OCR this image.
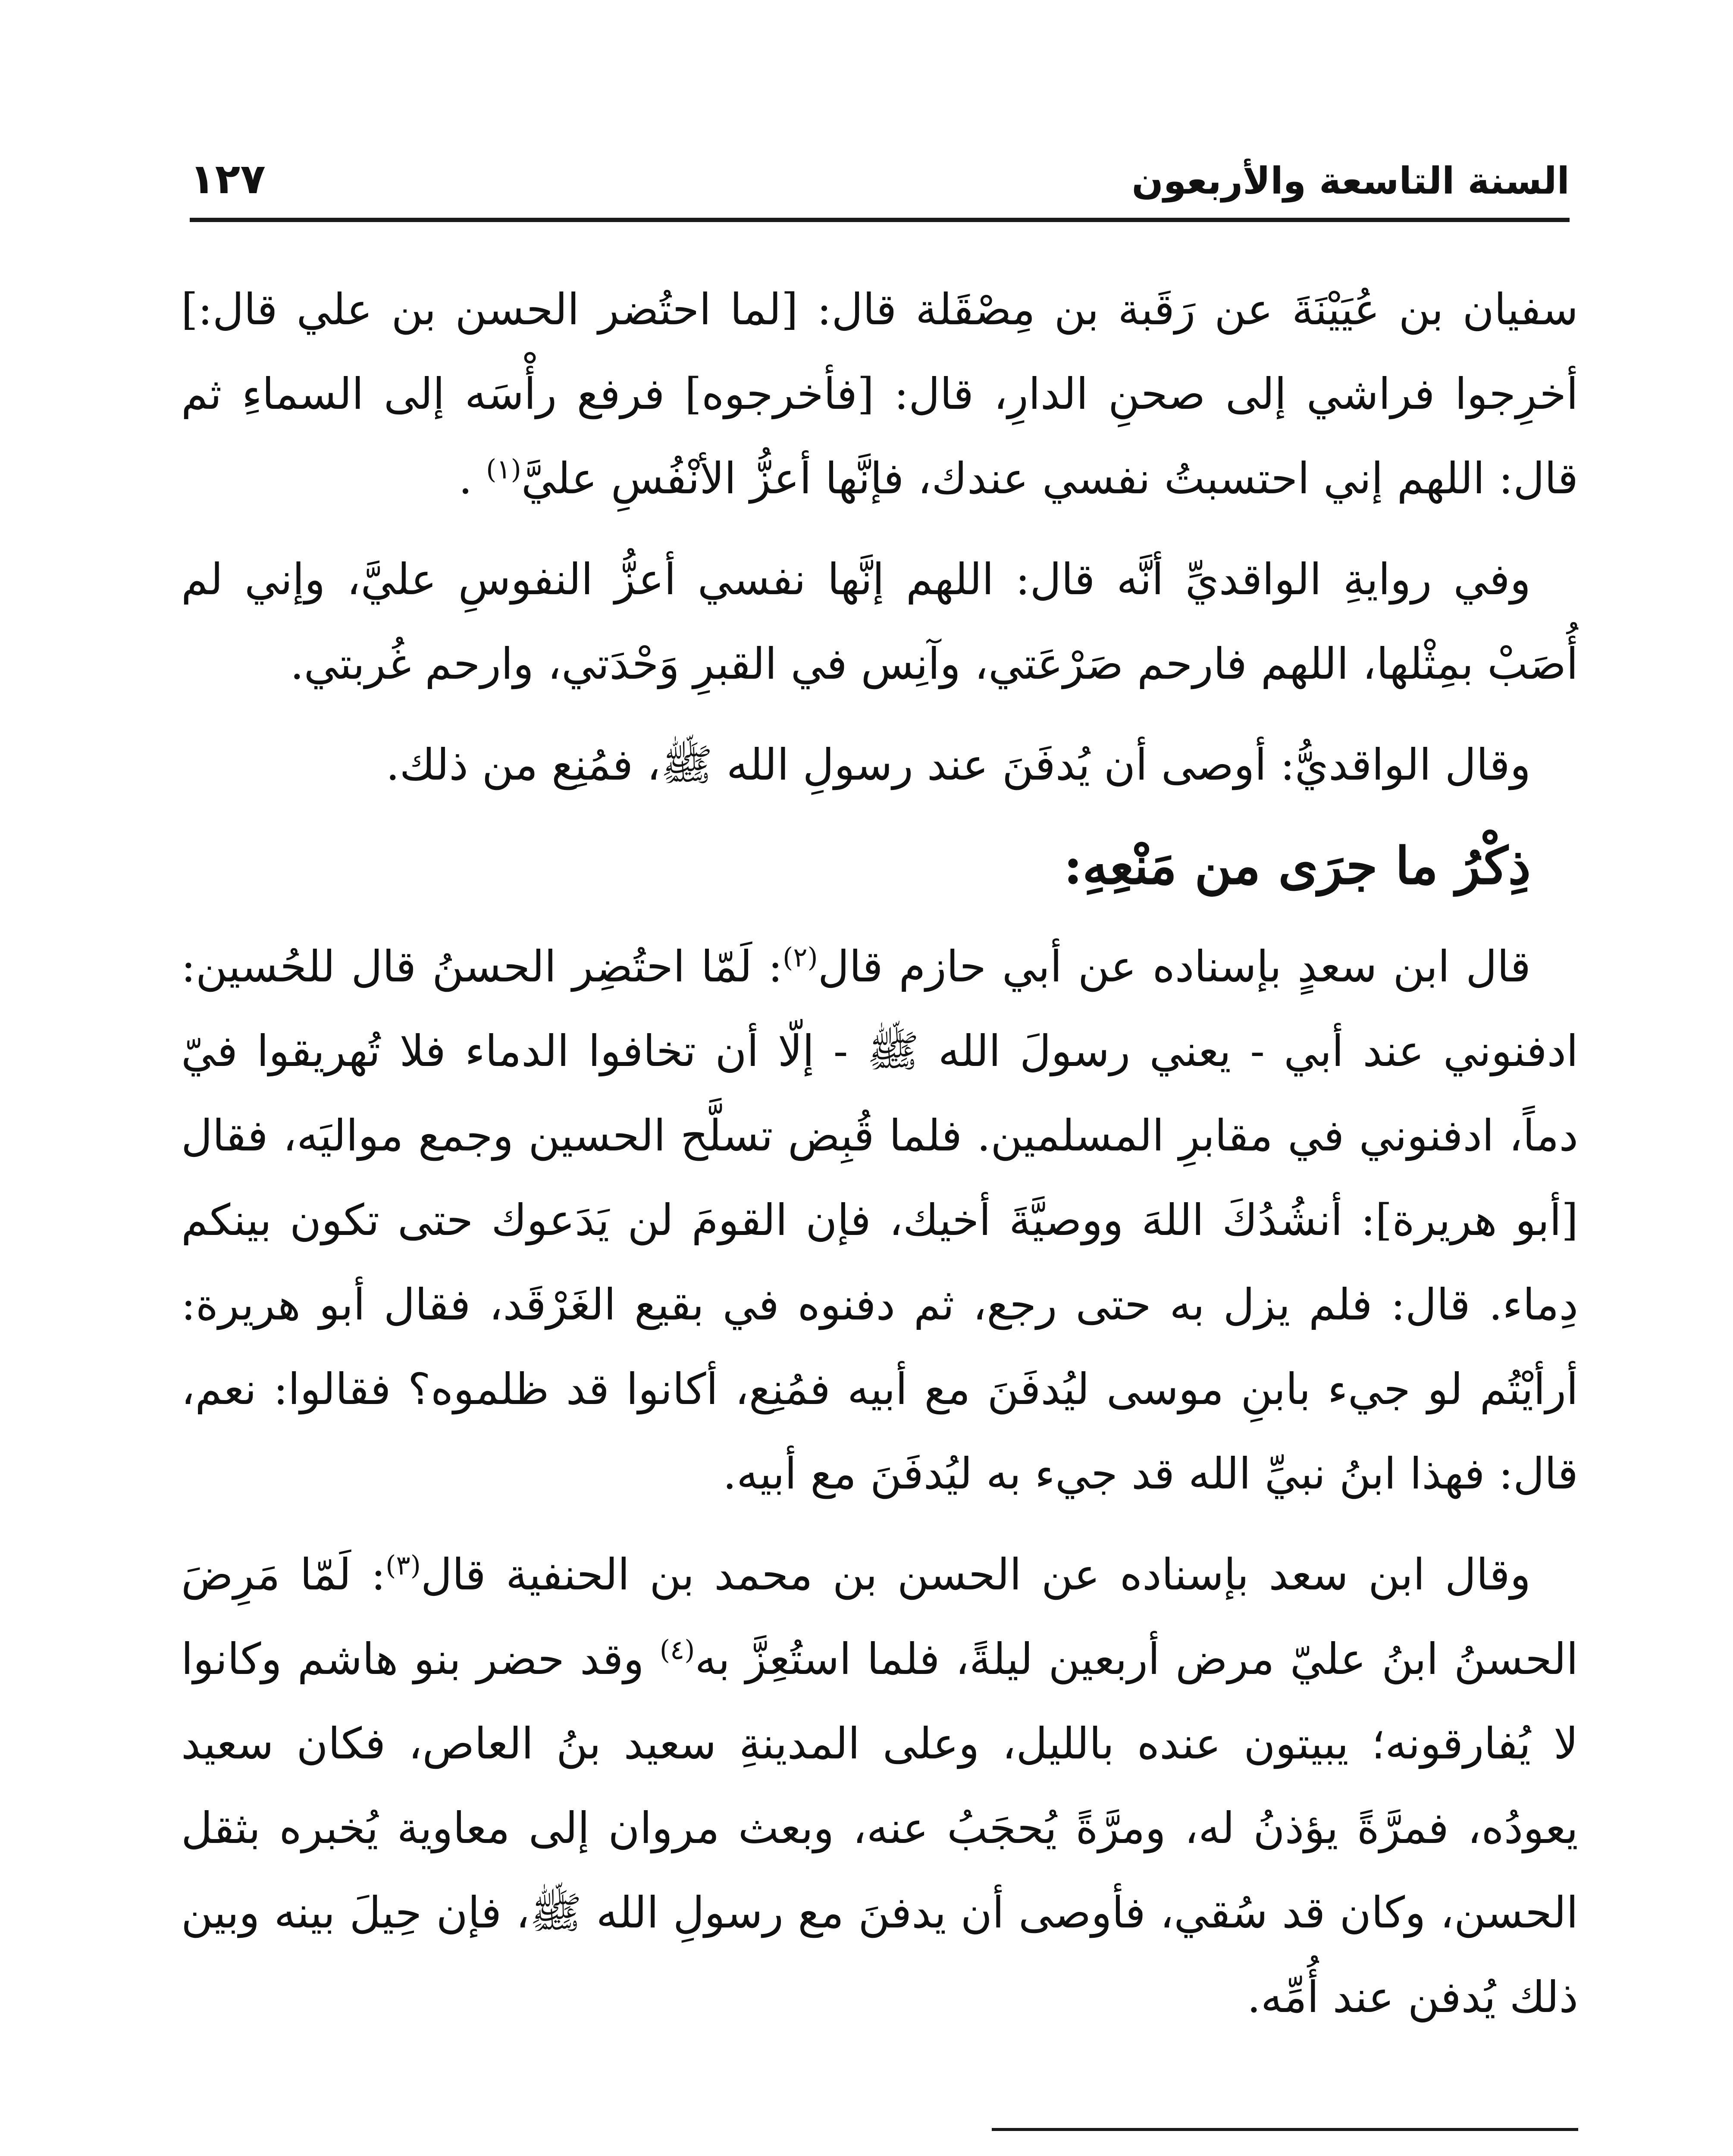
السنة التاسعة والأربعون
١٢٧

سفيان بن عُيَيْنَةَ عن رَقَبة بن مِصْقَلة قال: [لما احتُضر الحسن بن علي قال:] أخرِجوا فراشي إلى صحنِ الدارِ، قال: [فأخرجوه] فرفع رأْسَه إلى السماءِ ثم قال: اللهم إني احتسبتُ نفسي عندك، فإنَّها أعزُّ الأنْفُسِ عليَّ$^{(١)}$ .

وفي روايةِ الواقديِّ أنَّه قال: اللهم إنَّها نفسي أعزُّ النفوسِ عليَّ، وإني لم أُصَبْ بمِثْلها، اللهم فارحم صَرْعَتي، وآنِس في القبرِ وَحْدَتي، وارحم غُربتي.

وقال الواقديُّ: أوصى أن يُدفَنَ عند رسولِ الله ﷺ، فمُنِع من ذلك.

ذِكْرُ ما جرَى من مَنْعِهِ:

قال ابن سعدٍ بإسناده عن أبي حازم قال$^{(٢)}$: لَمّا احتُضِر الحسنُ قال للحُسين: ادفنوني عند أبي - يعني رسولَ الله ﷺ - إلّا أن تخافوا الدماء فلا تُهريقوا فيّ دماً، ادفنوني في مقابرِ المسلمين. فلما قُبِض تسلَّح الحسين وجمع مواليَه، فقال [أبو هريرة]: أنشُدُكَ اللهَ ووصيَّةَ أخيك، فإن القومَ لن يَدَعوك حتى تكون بينكم دِماء. قال: فلم يزل به حتى رجع، ثم دفنوه في بقيع الغَرْقَد، فقال أبو هريرة: أرأيْتُم لو جيء بابنِ موسى ليُدفَنَ مع أبيه فمُنِع، أكانوا قد ظلموه؟ فقالوا: نعم، قال: فهذا ابنُ نبيِّ الله قد جيء به ليُدفَنَ مع أبيه.

وقال ابن سعد بإسناده عن الحسن بن محمد بن الحنفية قال$^{(٣)}$: لَمّا مَرِضَ الحسنُ ابنُ عليّ مرض أربعين ليلةً، فلما استُعِزَّ به$^{(٤)}$ وقد حضر بنو هاشم وكانوا لا يُفارقونه؛ يبيتون عنده بالليل، وعلى المدينةِ سعيد بنُ العاص، فكان سعيد يعودُه، فمرَّةً يؤذنُ له، ومرَّةً يُحجَبُ عنه، وبعث مروان إلى معاوية يُخبره بثقل الحسن، وكان قد سُقي، فأوصى أن يدفنَ مع رسولِ الله ﷺ، فإن حِيلَ بينه وبين ذلك يُدفن عند أُمِّه.
